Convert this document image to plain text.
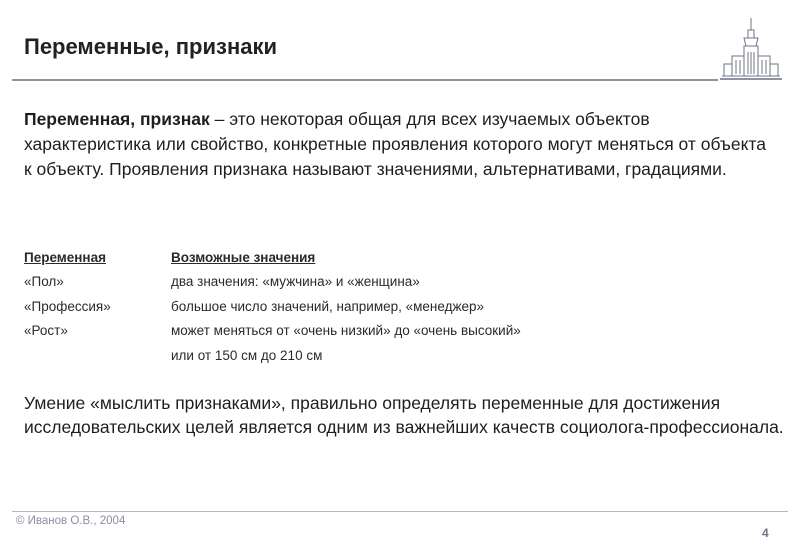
Переменные, признаки
Переменная, признак – это некоторая общая для всех изучаемых объектов характеристика или свойство, конкретные проявления которого могут меняться от объекта к объекту. Проявления признака называют значениями, альтернативами, градациями.
Переменная	Возможные значения
«Пол»	два значения: «мужчина» и «женщина»
«Профессия»	большое число значений, например, «менеджер»
«Рост»	может меняться от «очень низкий» до «очень высокий»
или от 150 см до 210 см
Умение «мыслить признаками», правильно определять переменные для достижения исследовательских целей является одним из важнейших качеств социолога-профессионала.
© Иванов О.В., 2004
4
